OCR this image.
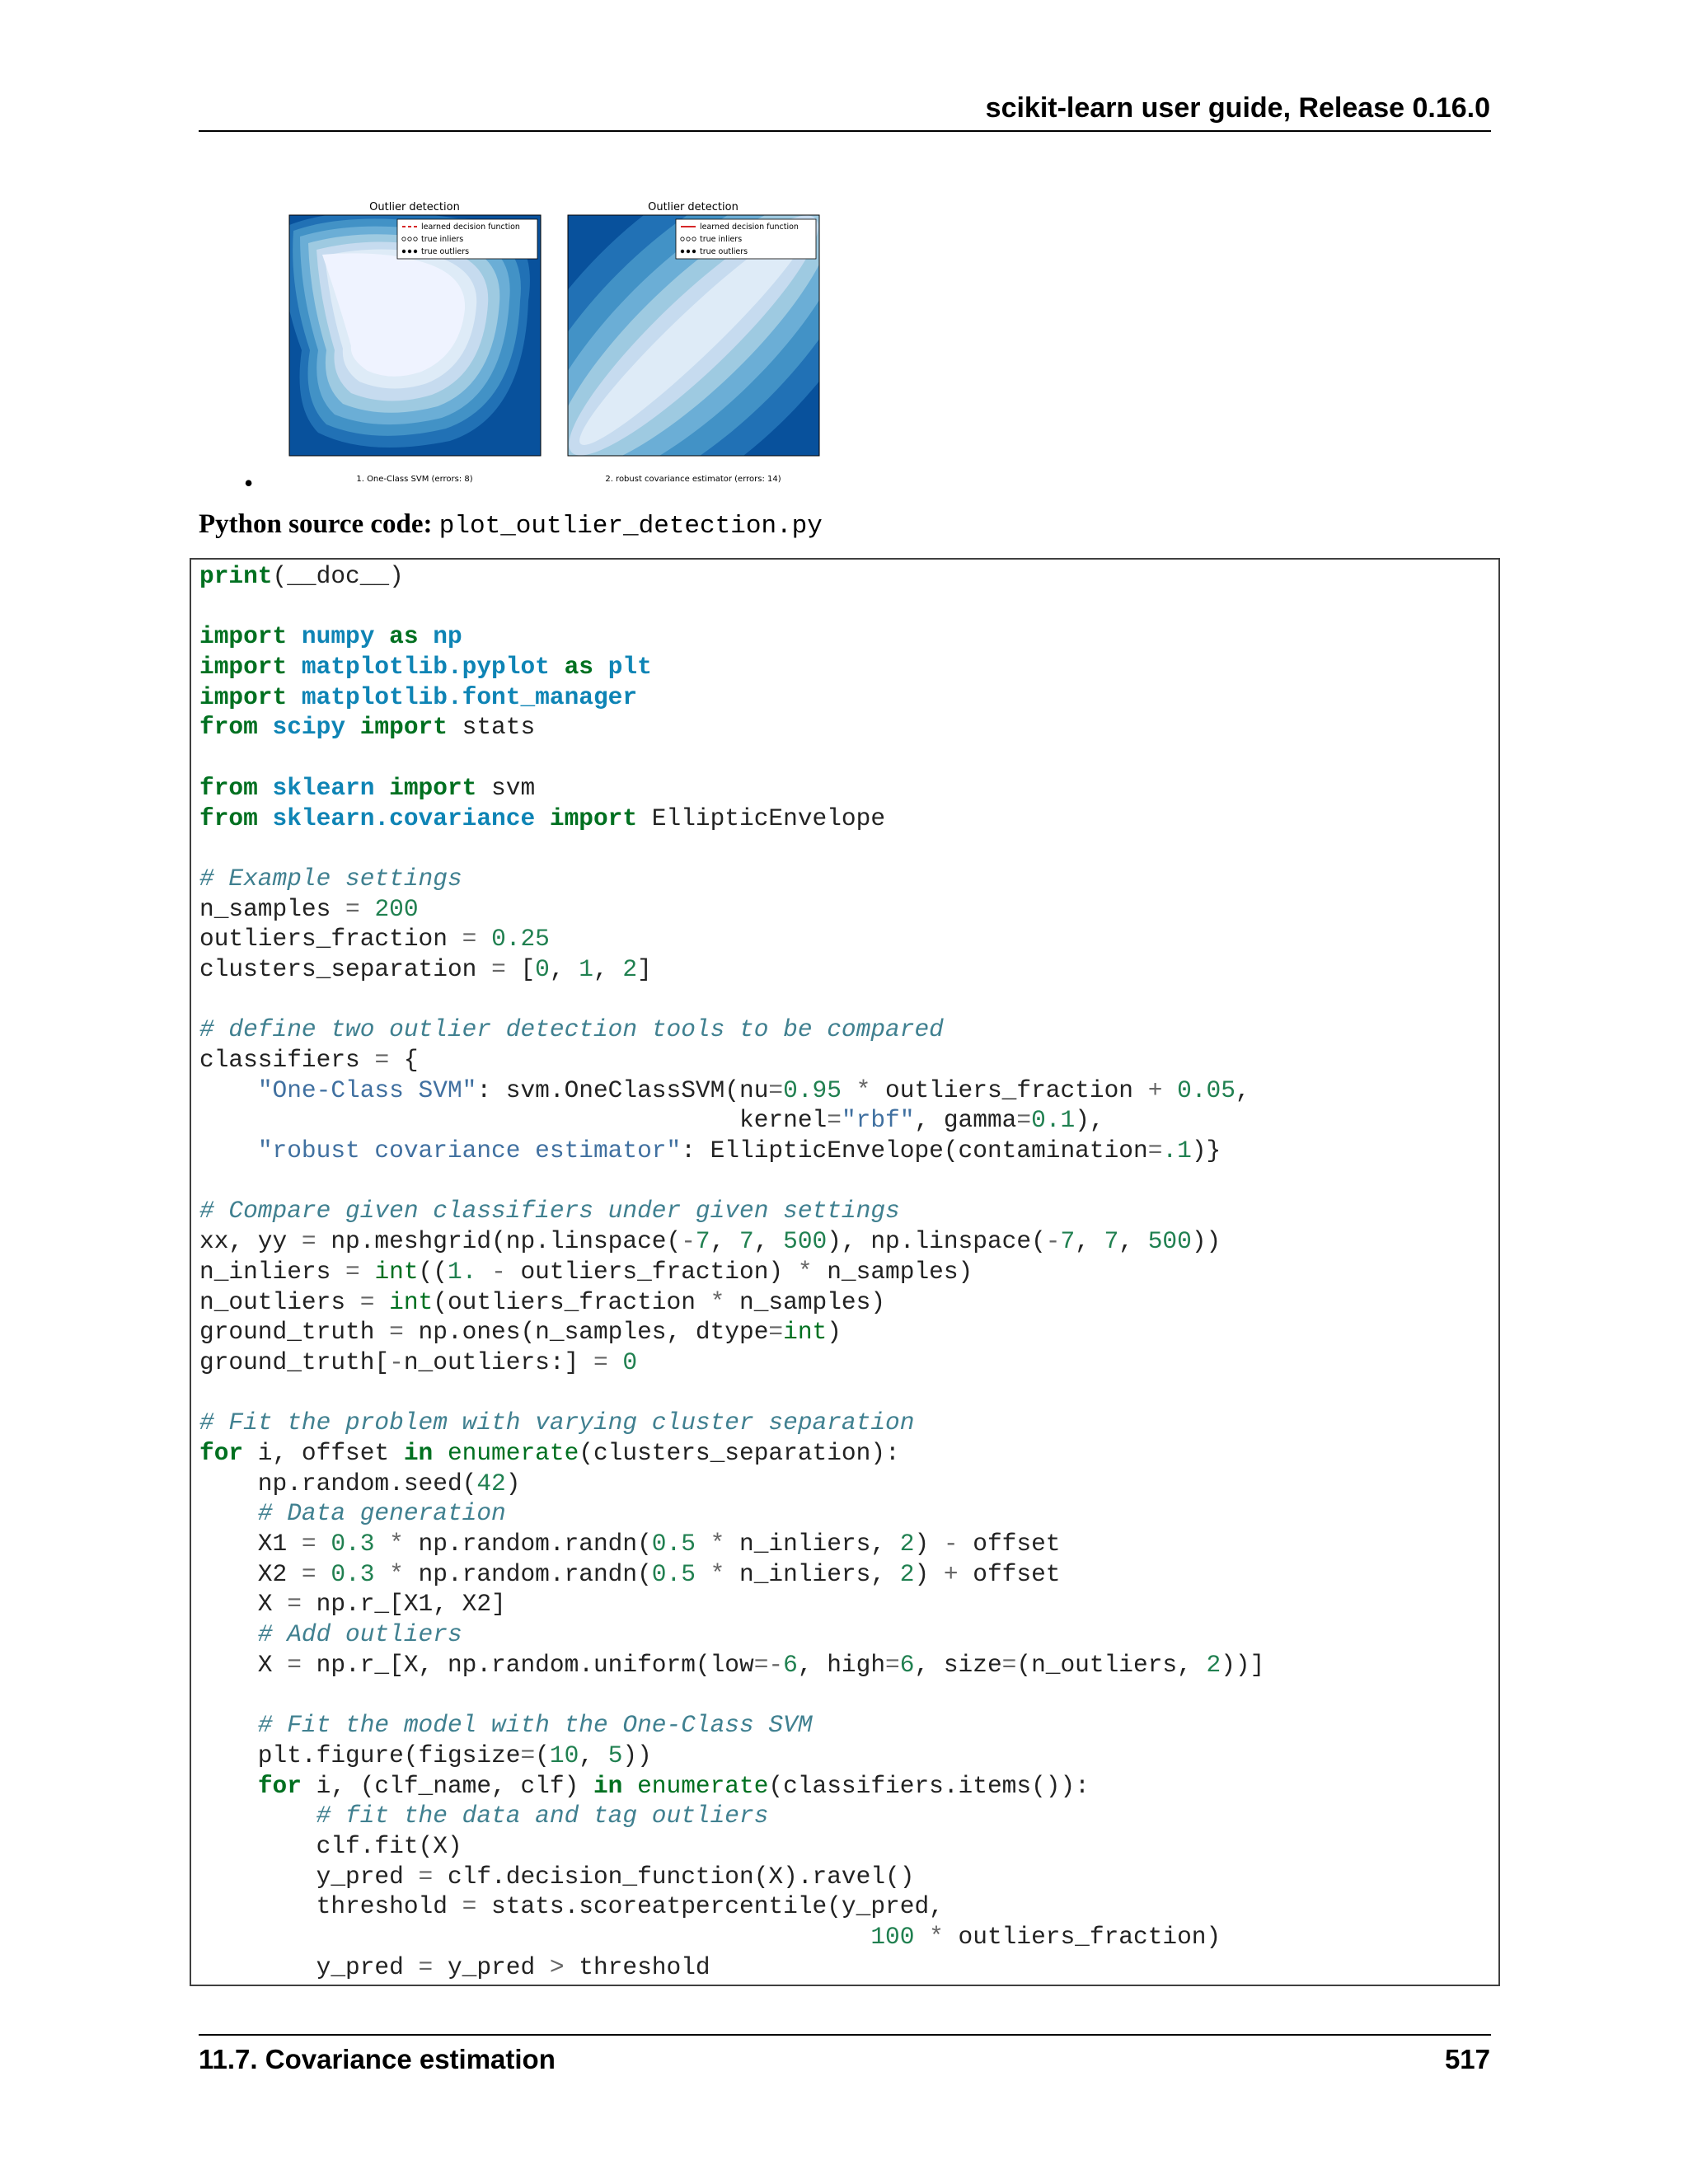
scikit-learn user guide, Release 0.16.0
Outlier detection
learned decision function
true inliers
true outliers
1. One-Class SVM (errors: 8)
Outlier detection
learned decision function
true inliers
true outliers
2. robust covariance estimator (errors: 14)
•
Python source code: plot_outlier_detection.py
print(__doc__)

import numpy as np
import matplotlib.pyplot as plt
import matplotlib.font_manager
from scipy import stats

from sklearn import svm
from sklearn.covariance import EllipticEnvelope

# Example settings
n_samples = 200
outliers_fraction = 0.25
clusters_separation = [0, 1, 2]

# define two outlier detection tools to be compared
classifiers = {
"One-Class SVM": svm.OneClassSVM(nu=0.95 * outliers_fraction + 0.05,
kernel="rbf", gamma=0.1),
"robust covariance estimator": EllipticEnvelope(contamination=.1)}

# Compare given classifiers under given settings
xx, yy = np.meshgrid(np.linspace(-7, 7, 500), np.linspace(-7, 7, 500))
n_inliers = int((1. - outliers_fraction) * n_samples)
n_outliers = int(outliers_fraction * n_samples)
ground_truth = np.ones(n_samples, dtype=int)
ground_truth[-n_outliers:] = 0

# Fit the problem with varying cluster separation
for i, offset in enumerate(clusters_separation):
np.random.seed(42)
# Data generation
X1 = 0.3 * np.random.randn(0.5 * n_inliers, 2) - offset
X2 = 0.3 * np.random.randn(0.5 * n_inliers, 2) + offset
X = np.r_[X1, X2]
# Add outliers
X = np.r_[X, np.random.uniform(low=-6, high=6, size=(n_outliers, 2))]

# Fit the model with the One-Class SVM
plt.figure(figsize=(10, 5))
for i, (clf_name, clf) in enumerate(classifiers.items()):
# fit the data and tag outliers
clf.fit(X)
y_pred = clf.decision_function(X).ravel()
threshold = stats.scoreatpercentile(y_pred,
100 * outliers_fraction)
y_pred = y_pred > threshold
11.7. Covariance estimation	517
